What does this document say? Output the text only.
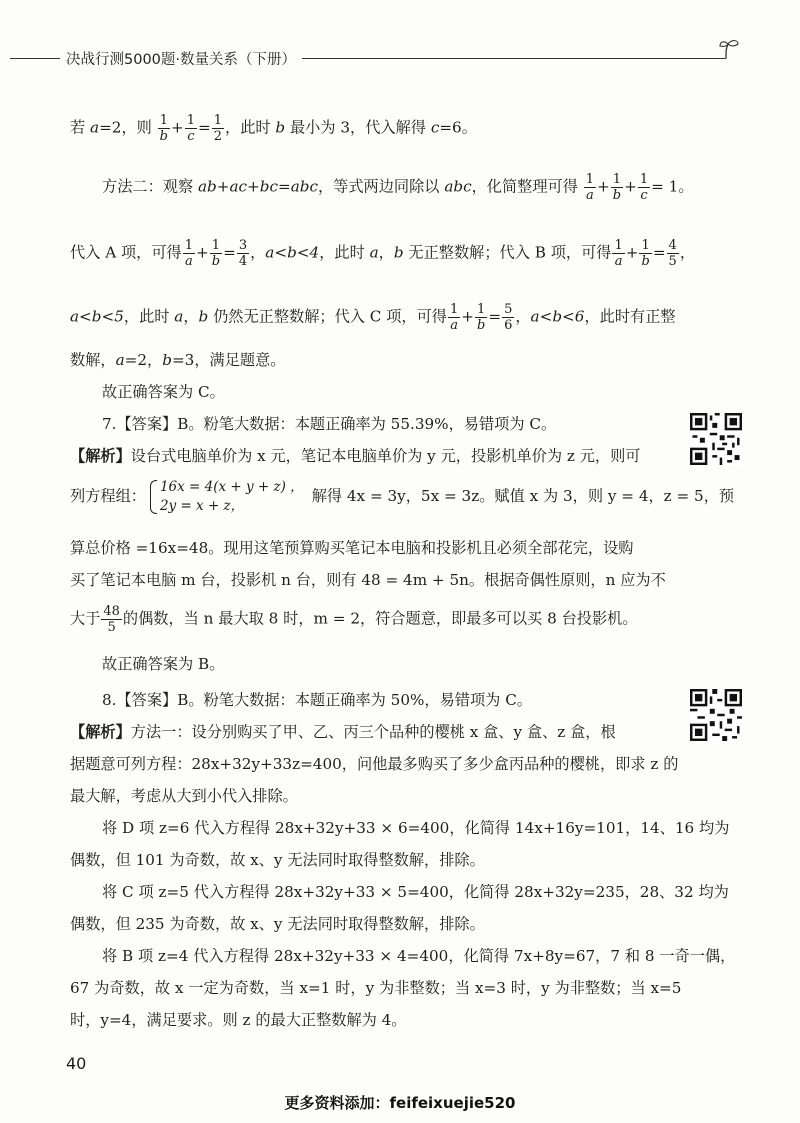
决战行测5000题·数量关系（下册）
若 a=2，则 $\frac{1}{b} + \frac{1}{c} = \frac{1}{2}$ ，此时 b 最小为 3，代入解得 c=6。
方法二：观察 ab+ac+bc=abc，等式两边同除以 abc，化简整理可得 $\frac{1}{a} + \frac{1}{b} + \frac{1}{c} = 1$。
代入 A 项，可得 $\frac{1}{a} + \frac{1}{b} = \frac{3}{4}$ ，a<b<4，此时 a，b 无正整数解；代入 B 项，可得 $\frac{1}{a} + \frac{1}{b} = \frac{4}{5}$ ，
a<b<5，此时 a，b 仍然无正整数解；代入 C 项，可得 $\frac{1}{a} + \frac{1}{b} = \frac{5}{6}$ ，a<b<6，此时有正整
数解，a=2，b=3，满足题意。
故正确答案为 C。
7.【答案】B。粉笔大数据：本题正确率为 55.39%，易错项为 C。
【解析】设台式电脑单价为 x 元，笔记本电脑单价为 y 元，投影机单价为 z 元，则可
列方程组： 16x = 4(x + y + z) ，
2y = x + z，
解得 4x = 3y，5x = 3z。赋值 x 为 3，则 y = 4，z = 5，预
算总价格 =16x=48。现用这笔预算购买笔记本电脑和投影机且必须全部花完，设购
买了笔记本电脑 m 台，投影机 n 台，则有 48 = 4m + 5n。根据奇偶性原则，n 应为不
大于 $\frac{48}{5}$ 的偶数，当 n 最大取 8 时，m = 2，符合题意，即最多可以买 8 台投影机。
故正确答案为 B。
8.【答案】B。粉笔大数据：本题正确率为 50%，易错项为 C。
【解析】方法一：设分别购买了甲、乙、丙三个品种的樱桃 x 盒、y 盒、z 盒，根
据题意可列方程：28x+32y+33z=400，问他最多购买了多少盒丙品种的樱桃，即求 z 的
最大解，考虑从大到小代入排除。
将 D 项 z=6 代入方程得 28x+32y+33 × 6=400，化简得 14x+16y=101，14、16 均为
偶数，但 101 为奇数，故 x、y 无法同时取得整数解，排除。
将 C 项 z=5 代入方程得 28x+32y+33 × 5=400，化简得 28x+32y=235，28、32 均为
偶数，但 235 为奇数，故 x、y 无法同时取得整数解，排除。
将 B 项 z=4 代入方程得 28x+32y+33 × 4=400，化简得 7x+8y=67，7 和 8 一奇一偶，
67 为奇数，故 x 一定为奇数，当 x=1 时，y 为非整数；当 x=3 时，y 为非整数；当 x=5
时，y=4，满足要求。则 z 的最大正整数解为 4。
40
更多资料添加：feifeixuejie520
